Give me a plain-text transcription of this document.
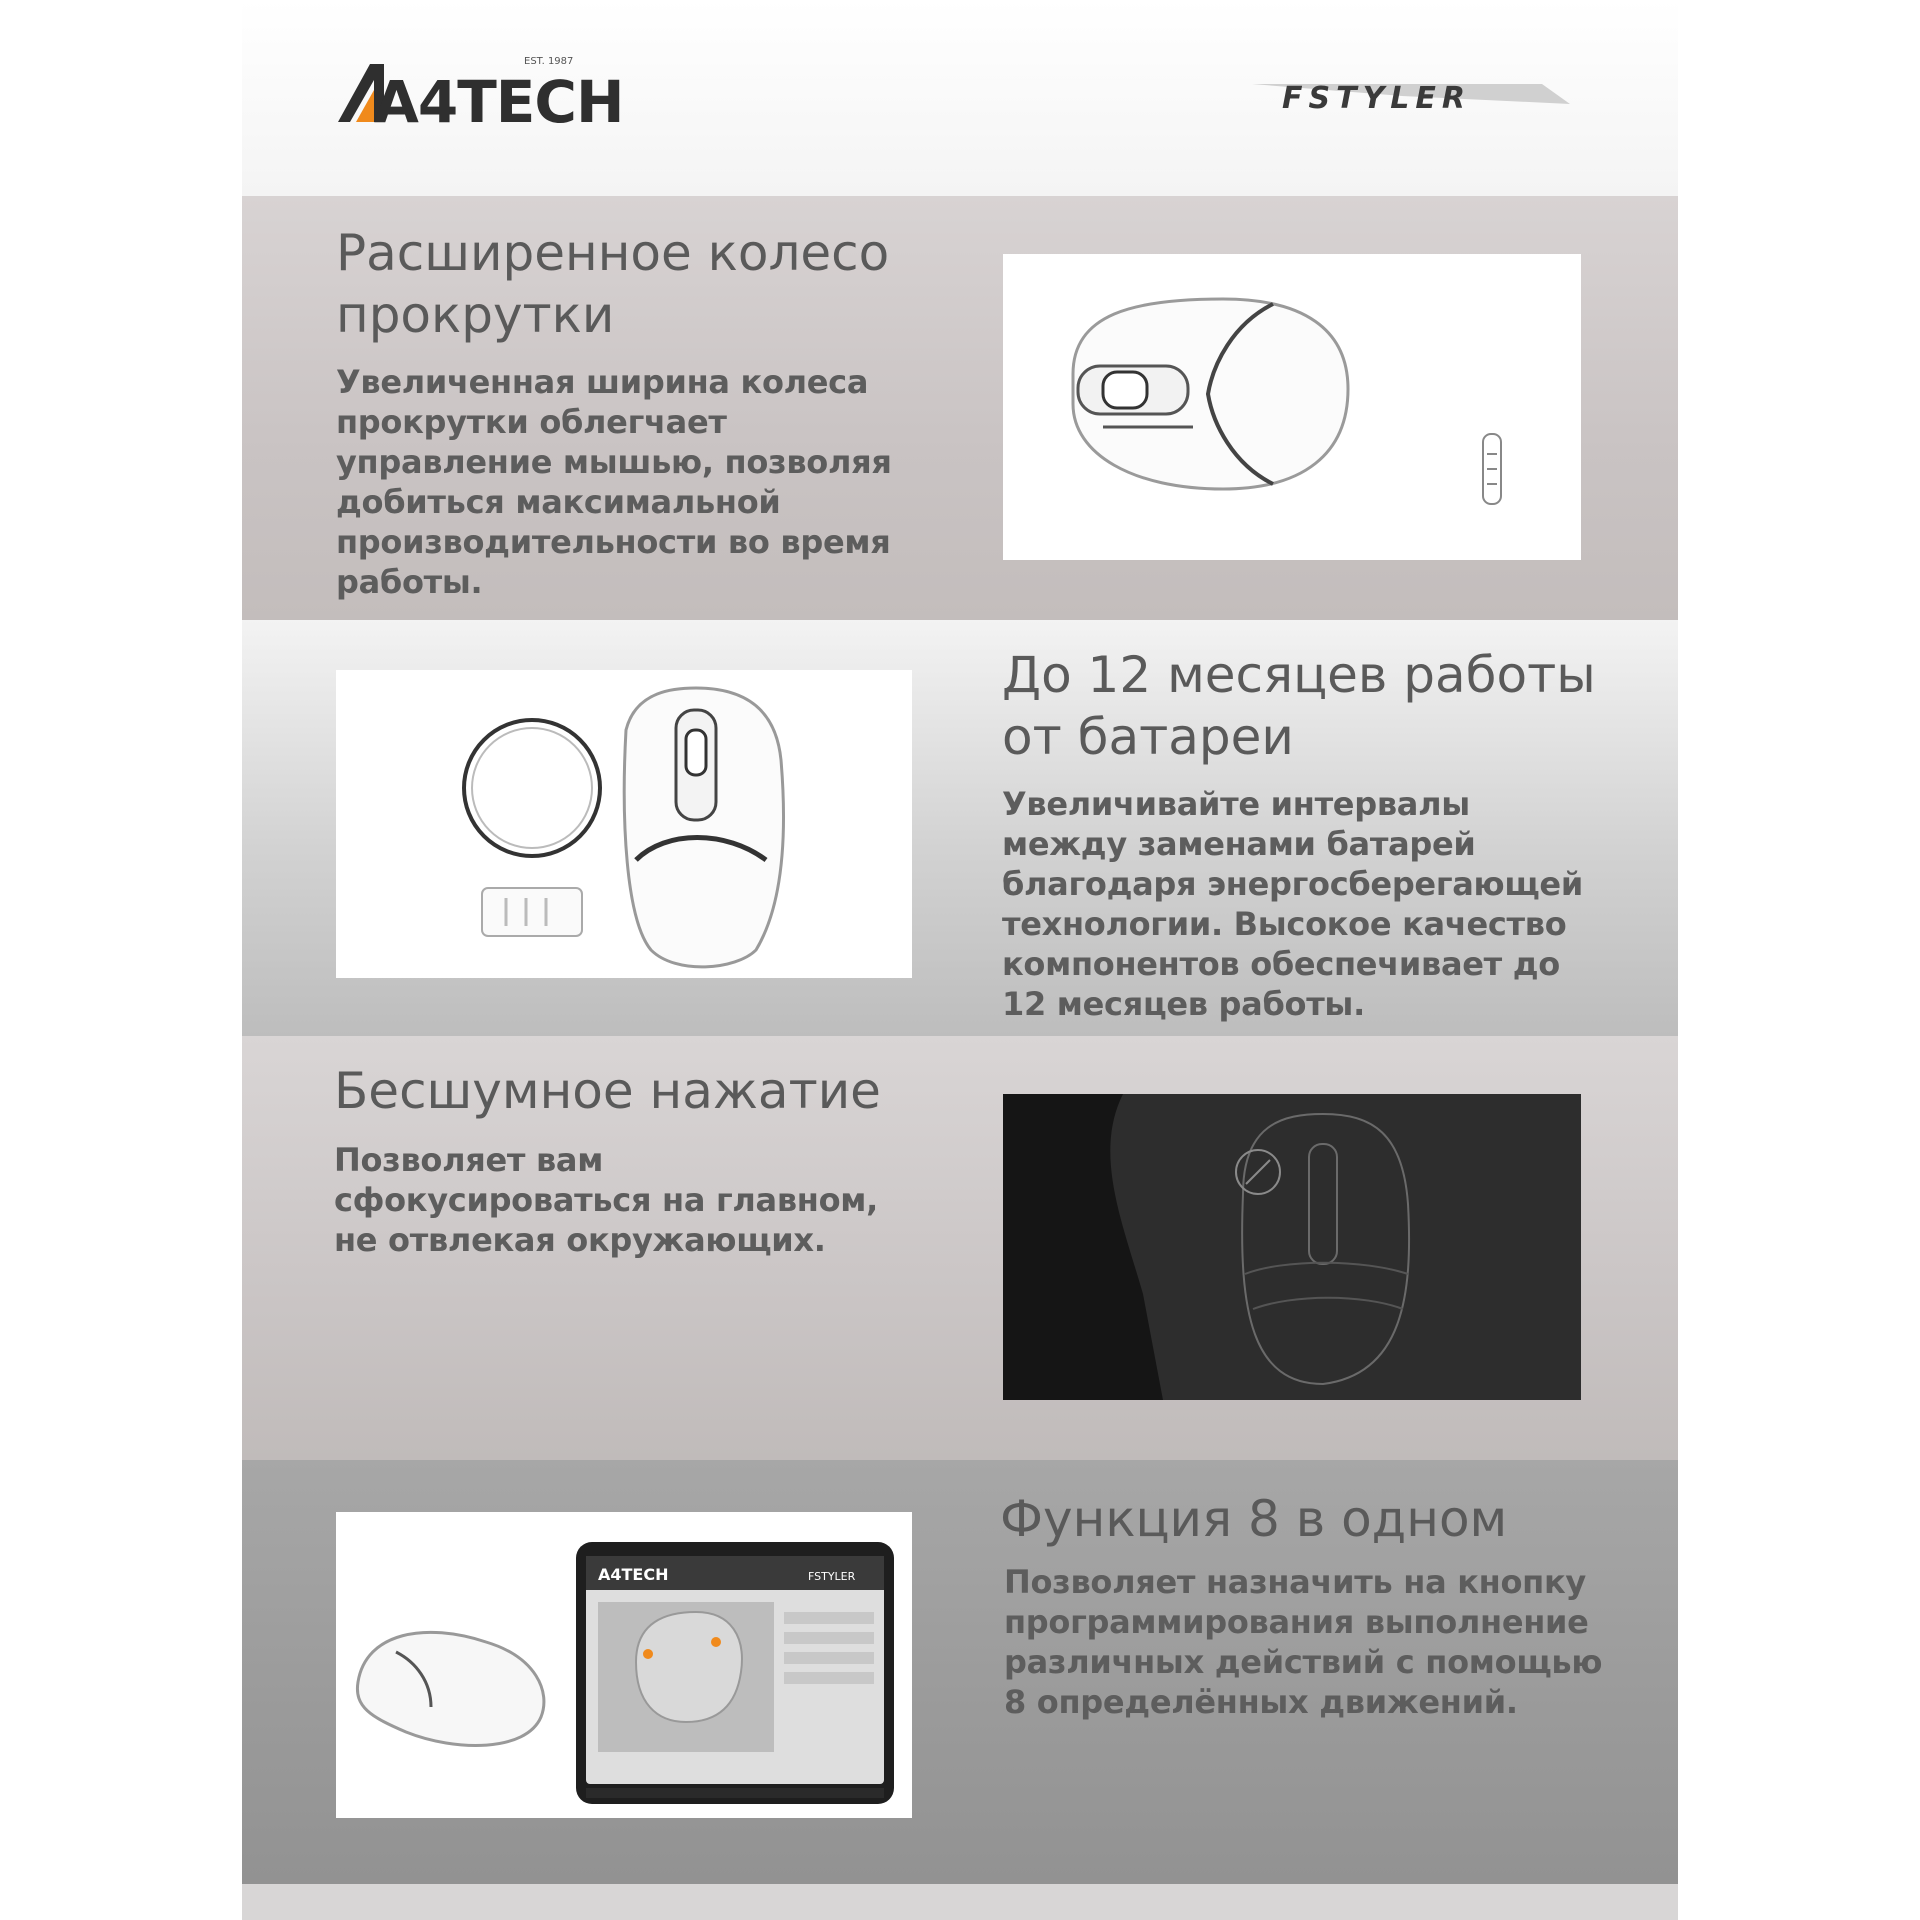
A4TECH
EST. 1987
FSTYLER
Расширенное колесо прокрутки

Увеличенная ширина колеса прокрутки облегчает управление мышью, позволяя добиться максимальной производительности во время работы.

До 12 месяцев работы от батареи

Увеличивайте интервалы между заменами батарей благодаря энергосберегающей технологии. Высокое качество компонентов обеспечивает до 12 месяцев работы.

Бесшумное нажатие

Позволяет вам сфокусироваться на главном, не отвлекая окружающих.

A4TECH	FSTYLER
Функция 8 в одном

Позволяет назначить на кнопку программирования выполнение различных действий с помощью 8 определённых движений.
